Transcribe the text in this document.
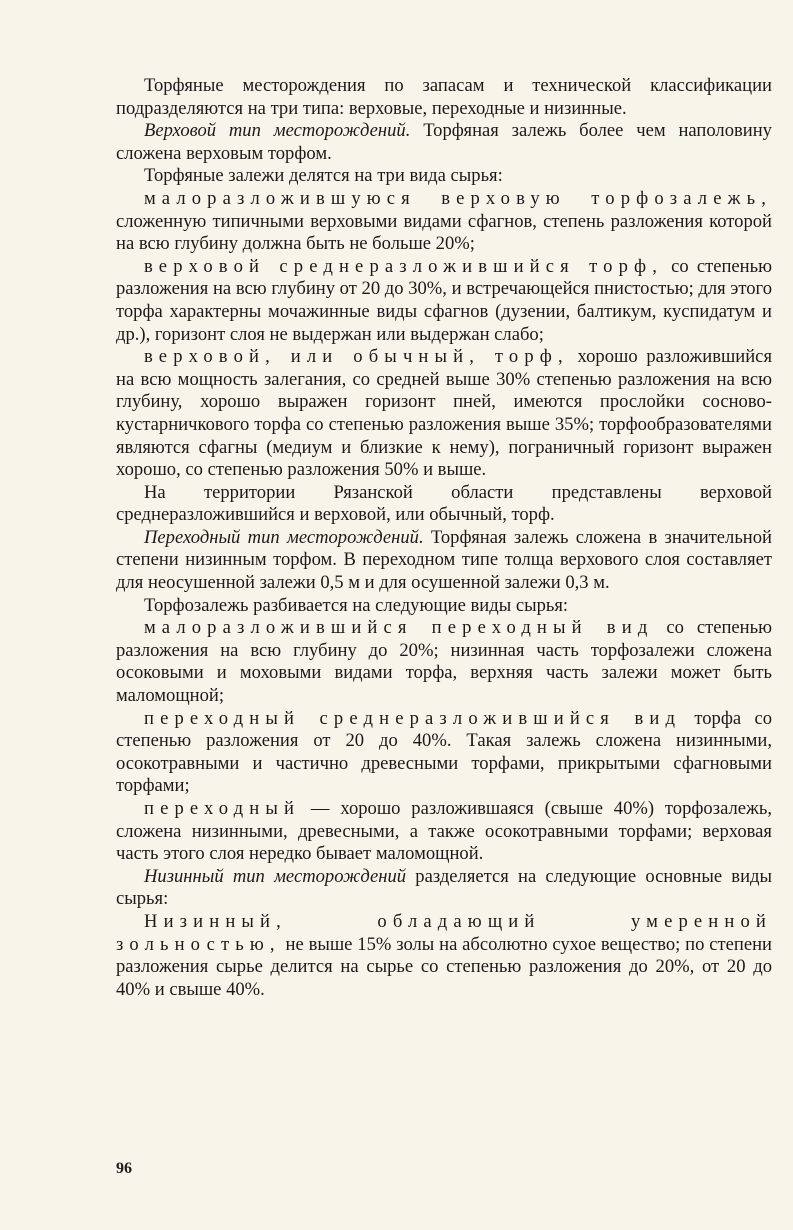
Торфяные месторождения по запасам и технической классификации подразделяются на три типа: верховые, переходные и низинные.

Верховой тип месторождений. Торфяная залежь более чем наполовину сложена верховым торфом.

Торфяные залежи делятся на три вида сырья:

малоразложившуюся верховую торфозалежь, сложенную типичными верховыми видами сфагнов, степень разложения которой на всю глубину должна быть не больше 20%;

верховой среднеразложившийся торф, со степенью разложения на всю глубину от 20 до 30%, и встречающейся пнистостью; для этого торфа характерны мочажинные виды сфагнов (дузении, балтикум, куспидатум и др.), горизонт слоя не выдержан или выдержан слабо;

верховой, или обычный, торф, хорошо разложившийся на всю мощность залегания, со средней выше 30% степенью разложения на всю глубину, хорошо выражен горизонт пней, имеются прослойки сосново-кустарничкового торфа со степенью разложения выше 35%; торфообразователями являются сфагны (медиум и близкие к нему), пограничный горизонт выражен хорошо, со степенью разложения 50% и выше.

На территории Рязанской области представлены верховой среднеразложившийся и верховой, или обычный, торф.

Переходный тип месторождений. Торфяная залежь сложена в значительной степени низинным торфом. В переходном типе толща верхового слоя составляет для неосушенной залежи 0,5 м и для осушенной залежи 0,3 м.

Торфозалежь разбивается на следующие виды сырья:

малоразложившийся переходный вид со степенью разложения на всю глубину до 20%; низинная часть торфозалежи сложена осоковыми и моховыми видами торфа, верхняя часть залежи может быть маломощной;

переходный среднеразложившийся вид торфа со степенью разложения от 20 до 40%. Такая залежь сложена низинными, осокотравными и частично древесными торфами, прикрытыми сфагновыми торфами;

переходный — хорошо разложившаяся (свыше 40%) торфозалежь, сложена низинными, древесными, а также осокотравными торфами; верховая часть этого слоя нередко бывает маломощной.

Низинный тип месторождений разделяется на следующие основные виды сырья:

Низинный, обладающий умеренной зольностью, не выше 15% золы на абсолютно сухое вещество; по степени разложения сырье делится на сырье со степенью разложения до 20%, от 20 до 40% и свыше 40%.

96
